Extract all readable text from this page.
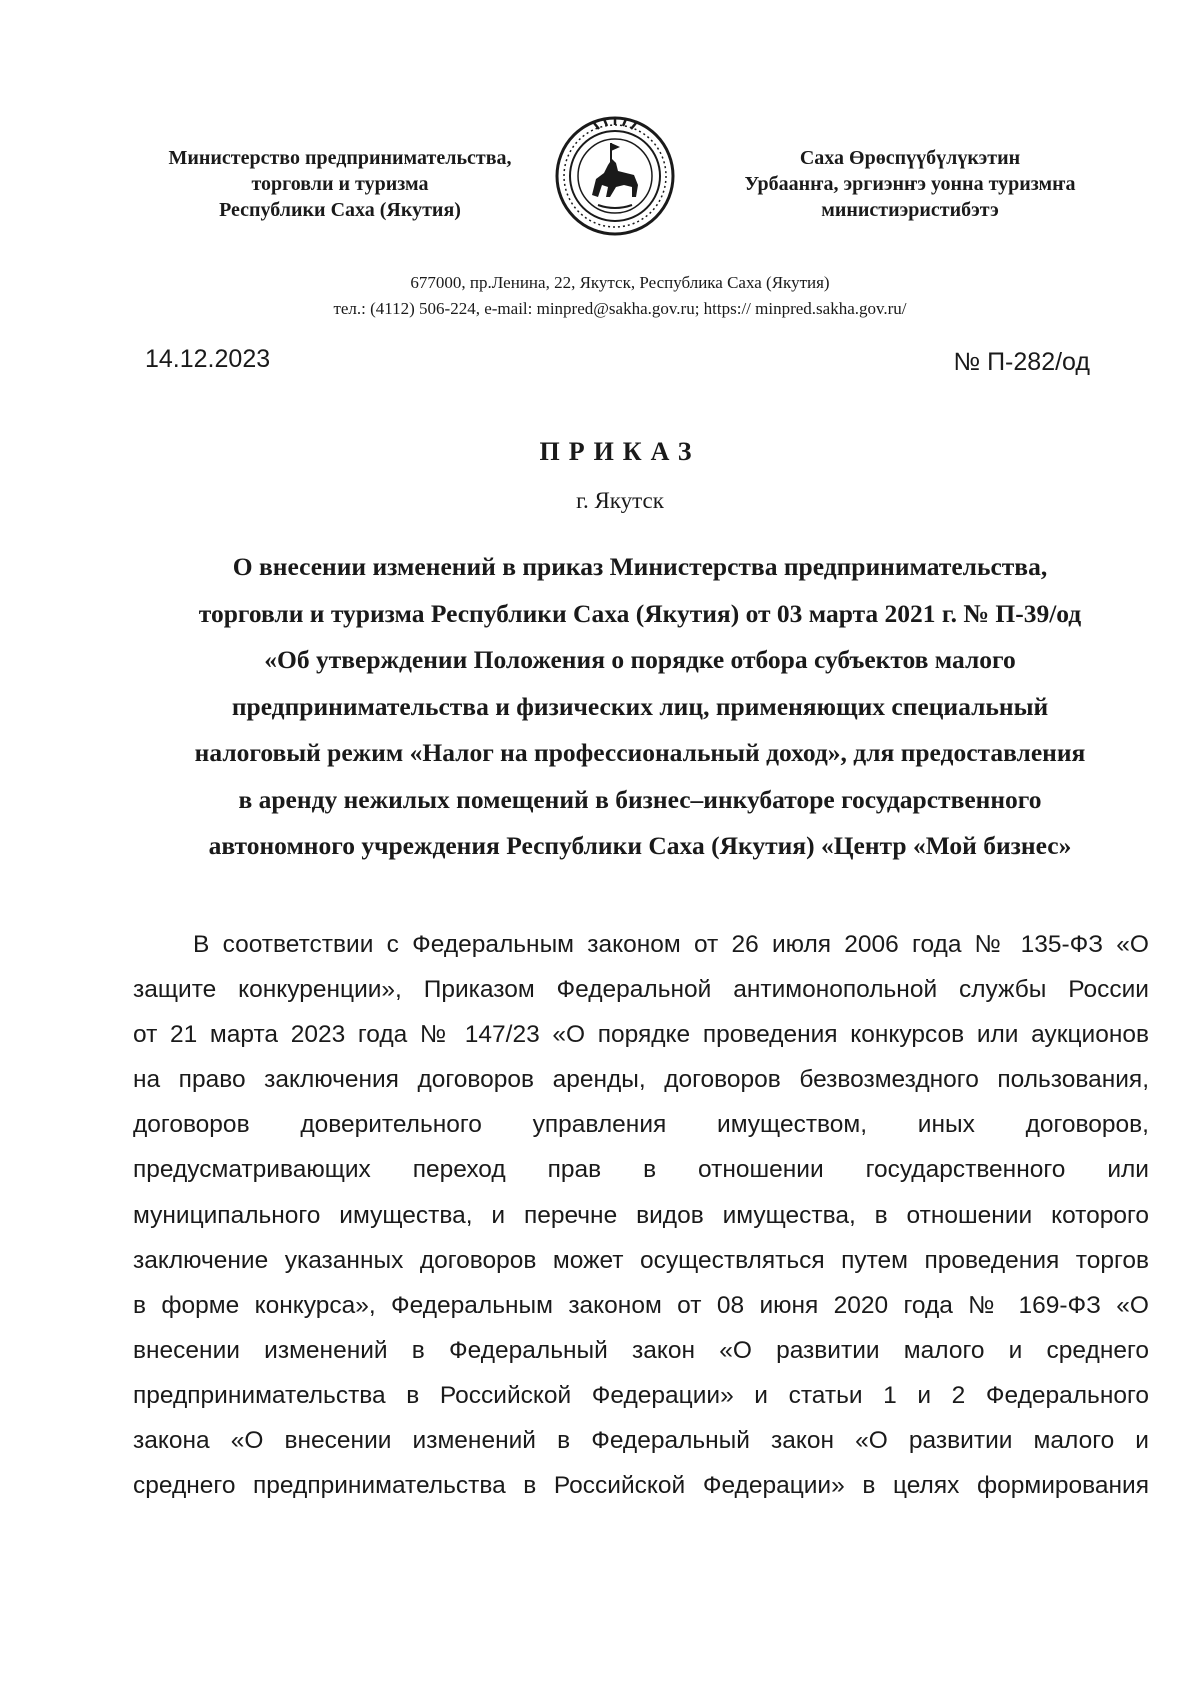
Министерство предпринимательства,
торговли и туризма
Республики Саха (Якутия)
Саха Өрөспүүбүлүкэтин
Урбаанҥа, эргиэнҥэ уонна туризмҥа
министиэристибэтэ
677000, пр.Ленина, 22, Якутск, Республика Саха (Якутия)
тел.: (4112) 506-224, e-mail: minpred@sakha.gov.ru; https:// minpred.sakha.gov.ru/
14.12.2023	№ П-282/од
ПРИКАЗ
г. Якутск
О внесении изменений в приказ Министерства предпринимательства,
торговли и туризма Республики Саха (Якутия) от 03 марта 2021 г. № П-39/од
«Об утверждении Положения о порядке отбора субъектов малого
предпринимательства и физических лиц, применяющих специальный
налоговый режим «Налог на профессиональный доход», для предоставления
в аренду нежилых помещений в бизнес–инкубаторе государственного
автономного учреждения Республики Саха (Якутия) «Центр «Мой бизнес»
В соответствии с Федеральным законом от 26 июля 2006 года № 135-ФЗ «О
защите конкуренции», Приказом Федеральной антимонопольной службы России
от 21 марта 2023 года № 147/23 «О порядке проведения конкурсов или аукционов
на право заключения договоров аренды, договоров безвозмездного пользования,
договоров доверительного управления имуществом, иных договоров,
предусматривающих переход прав в отношении государственного или
муниципального имущества, и перечне видов имущества, в отношении которого
заключение указанных договоров может осуществляться путем проведения торгов
в форме конкурса», Федеральным законом от 08 июня 2020 года № 169-ФЗ «О
внесении изменений в Федеральный закон «О развитии малого и среднего
предпринимательства в Российской Федерации» и статьи 1 и 2 Федерального
закона «О внесении изменений в Федеральный закон «О развитии малого и
среднего предпринимательства в Российской Федерации» в целях формирования
